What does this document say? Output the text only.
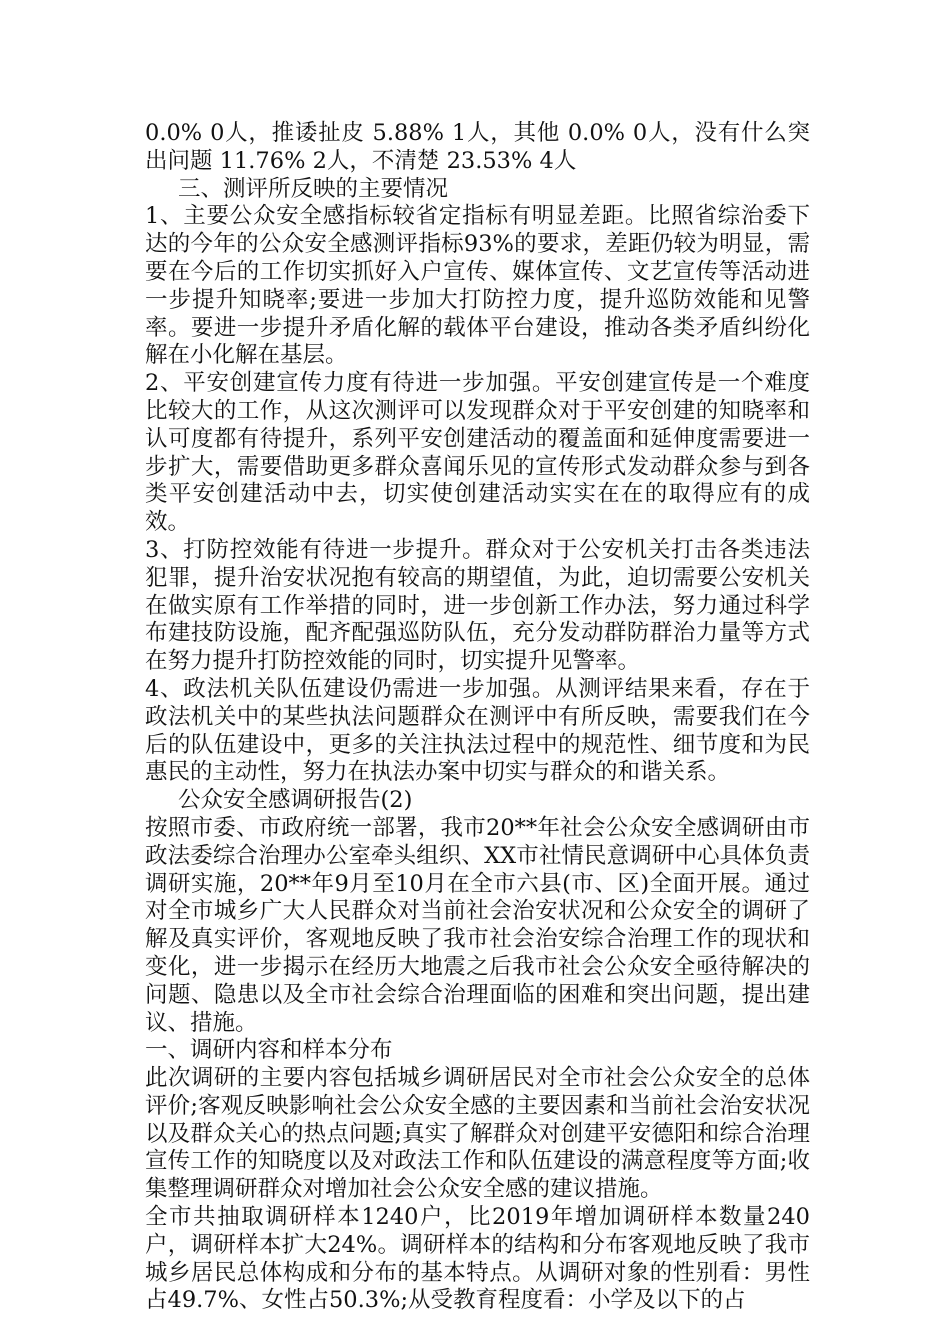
0.0% 0人，推诿扯皮 5.88% 1人，其他 0.0% 0人，没有什么突出问题 11.76% 2人，不清楚 23.53% 4人

三、测评所反映的主要情况

1、主要公众安全感指标较省定指标有明显差距。比照省综治委下达的今年的公众安全感测评指标93%的要求，差距仍较为明显，需要在今后的工作切实抓好入户宣传、媒体宣传、文艺宣传等活动进一步提升知晓率;要进一步加大打防控力度，提升巡防效能和见警率。要进一步提升矛盾化解的载体平台建设，推动各类矛盾纠纷化解在小化解在基层。

2、平安创建宣传力度有待进一步加强。平安创建宣传是一个难度比较大的工作，从这次测评可以发现群众对于平安创建的知晓率和认可度都有待提升，系列平安创建活动的覆盖面和延伸度需要进一步扩大，需要借助更多群众喜闻乐见的宣传形式发动群众参与到各类平安创建活动中去，切实使创建活动实实在在的取得应有的成效。

3、打防控效能有待进一步提升。群众对于公安机关打击各类违法犯罪，提升治安状况抱有较高的期望值，为此，迫切需要公安机关在做实原有工作举措的同时，进一步创新工作办法，努力通过科学布建技防设施，配齐配强巡防队伍，充分发动群防群治力量等方式在努力提升打防控效能的同时，切实提升见警率。

4、政法机关队伍建设仍需进一步加强。从测评结果来看，存在于政法机关中的某些执法问题群众在测评中有所反映，需要我们在今后的队伍建设中，更多的关注执法过程中的规范性、细节度和为民惠民的主动性，努力在执法办案中切实与群众的和谐关系。

公众安全感调研报告(2)

按照市委、市政府统一部署，我市20**年社会公众安全感调研由市政法委综合治理办公室牵头组织、XX市社情民意调研中心具体负责调研实施，20**年9月至10月在全市六县(市、区)全面开展。通过对全市城乡广大人民群众对当前社会治安状况和公众安全的调研了解及真实评价，客观地反映了我市社会治安综合治理工作的现状和变化，进一步揭示在经历大地震之后我市社会公众安全亟待解决的问题、隐患以及全市社会综合治理面临的困难和突出问题，提出建议、措施。

一、调研内容和样本分布

此次调研的主要内容包括城乡调研居民对全市社会公众安全的总体评价;客观反映影响社会公众安全感的主要因素和当前社会治安状况以及群众关心的热点问题;真实了解群众对创建平安德阳和综合治理宣传工作的知晓度以及对政法工作和队伍建设的满意程度等方面;收集整理调研群众对增加社会公众安全感的建议措施。

全市共抽取调研样本1240户，比2019年增加调研样本数量240户，调研样本扩大24%。调研样本的结构和分布客观地反映了我市城乡居民总体构成和分布的基本特点。从调研对象的性别看：男性占49.7%、女性占50.3%;从受教育程度看：小学及以下的占
